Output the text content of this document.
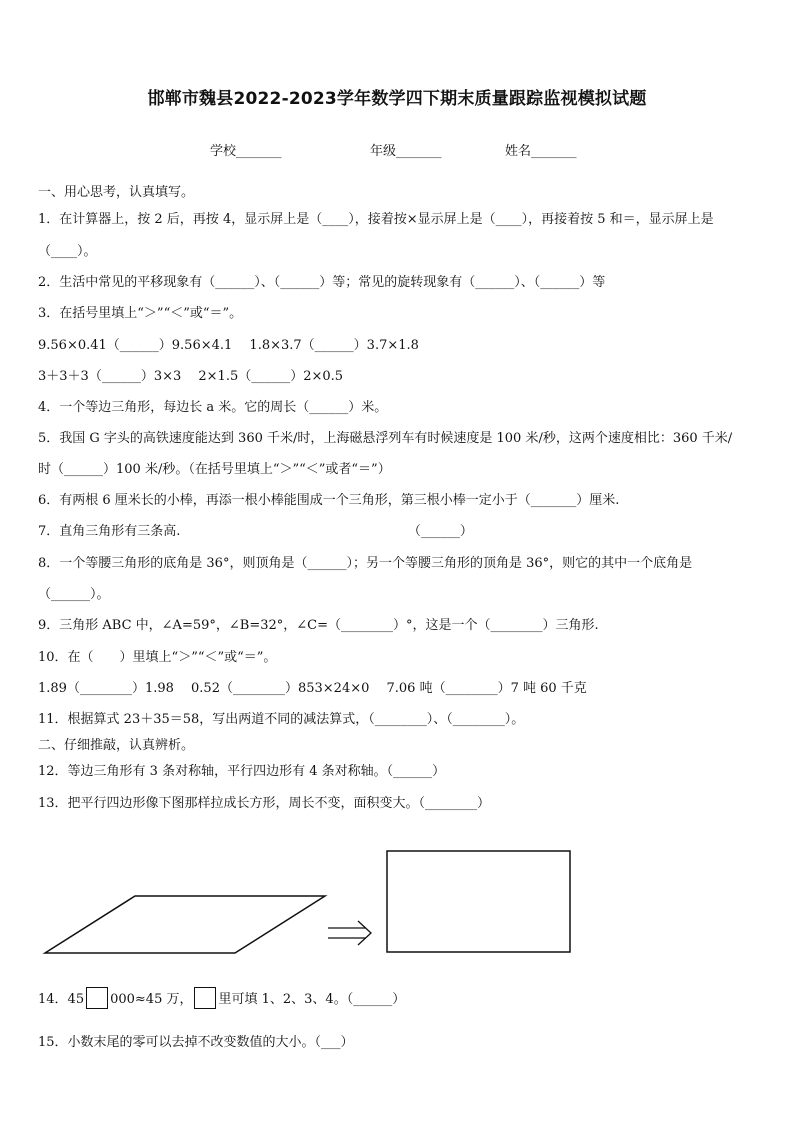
邯郸市魏县2022-2023学年数学四下期末质量跟踪监视模拟试题
学校_______	年级_______	姓名_______
一、用心思考，认真填写。
1．在计算器上，按 2 后，再按 4，显示屏上是（____），接着按×显示屏上是（____），再接着按 5 和＝，显示屏上是
（____）。
2．生活中常见的平移现象有（______）、（______）等；常见的旋转现象有（______）、（______）等
3．在括号里填上“＞”“＜”或“＝”。
9.56×0.41（______）9.56×4.1　 1.8×3.7（______）3.7×1.8
3＋3＋3（______）3×3　 2×1.5（______）2×0.5
4．一个等边三角形，每边长 a 米。它的周长（______）米。
5．我国 G 字头的高铁速度能达到 360 千米/时，上海磁悬浮列车有时候速度是 100 米/秒，这两个速度相比：360 千米/
时（______）100 米/秒。（在括号里填上“＞”“＜”或者“＝”）
6．有两根 6 厘米长的小棒，再添一根小棒能围成一个三角形，第三根小棒一定小于（_______）厘米.
7．直角三角形有三条高.　　　　　　　　　　　　　　　　　　（______）
8．一个等腰三角形的底角是 36°，则顶角是（______）；另一个等腰三角形的顶角是 36°，则它的其中一个底角是
（______）。
9．三角形 ABC 中，∠A=59°，∠B=32°，∠C=（________）°，这是一个（________）三角形.
10．在（　　）里填上“＞”“＜”或“＝”。
1.89（________）1.98　 0.52（________）853×24×0　 7.06 吨（________）7 吨 60 千克
11．根据算式 23＋35＝58，写出两道不同的减法算式，（________）、（________）。
二、仔细推敲，认真辨析。
12．等边三角形有 3 条对称轴，平行四边形有 4 条对称轴。（______）
13．把平行四边形像下图那样拉成长方形，周长不变，面积变大。（________）
14．45 000≈45 万， 里可填 1、2、3、4。（______）
15．小数末尾的零可以去掉不改变数值的大小。（___）
